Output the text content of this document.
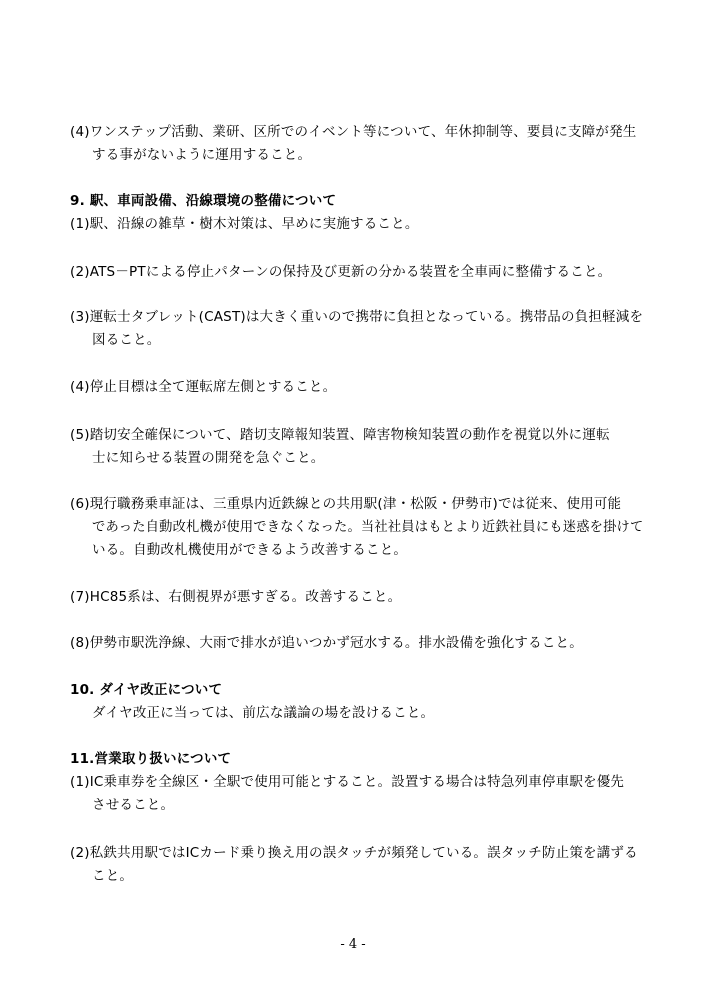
(4)ワンステップ活動、業研、区所でのイベント等について、年休抑制等、要員に支障が発生
する事がないように運用すること。
9. 駅、車両設備、沿線環境の整備について
(1)駅、沿線の雑草・樹木対策は、早めに実施すること。
(2)ATS－PTによる停止パターンの保持及び更新の分かる装置を全車両に整備すること。
(3)運転士タブレット(CAST)は大きく重いので携帯に負担となっている。携帯品の負担軽減を
図ること。
(4)停止目標は全て運転席左側とすること。
(5)踏切安全確保について、踏切支障報知装置、障害物検知装置の動作を視覚以外に運転
士に知らせる装置の開発を急ぐこと。
(6)現行職務乗車証は、三重県内近鉄線との共用駅(津・松阪・伊勢市)では従来、使用可能
であった自動改札機が使用できなくなった。当社社員はもとより近鉄社員にも迷惑を掛けて
いる。自動改札機使用ができるよう改善すること。
(7)HC85系は、右側視界が悪すぎる。改善すること。
(8)伊勢市駅洗浄線、大雨で排水が追いつかず冠水する。排水設備を強化すること。
10. ダイヤ改正について
ダイヤ改正に当っては、前広な議論の場を設けること。
11.営業取り扱いについて
(1)IC乗車券を全線区・全駅で使用可能とすること。設置する場合は特急列車停車駅を優先
させること。
(2)私鉄共用駅ではICカード乗り換え用の誤タッチが頻発している。誤タッチ防止策を講ずる
こと。
- 4 -
